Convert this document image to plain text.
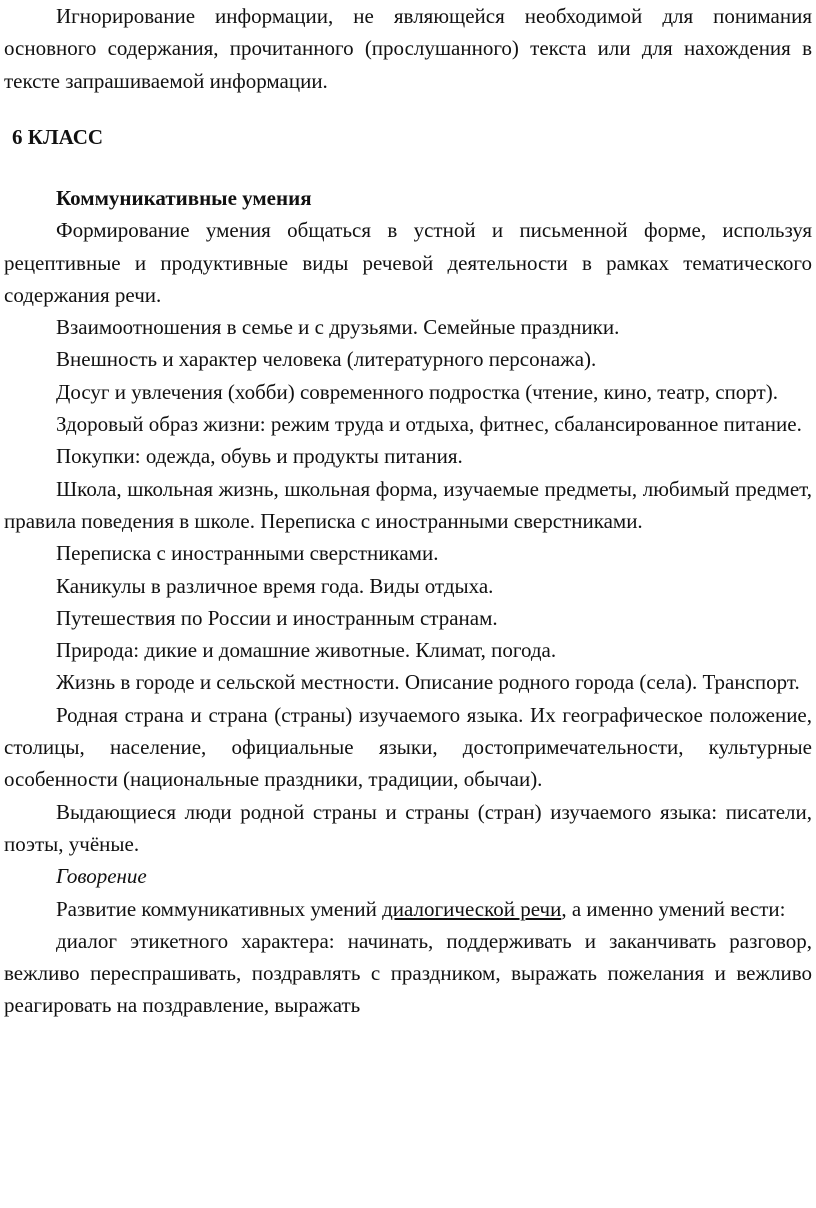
Игнорирование информации, не являющейся необходимой для понимания основного содержания, прочитанного (прослушанного) текста или для нахождения в тексте запрашиваемой информации.

6 КЛАСС

Коммуникативные умения

Формирование умения общаться в устной и письменной форме, используя рецептивные и продуктивные виды речевой деятельности в рамках тематического содержания речи.

Взаимоотношения в семье и с друзьями. Семейные праздники.

Внешность и характер человека (литературного персонажа).

Досуг и увлечения (хобби) современного подростка (чтение, кино, театр, спорт).

Здоровый образ жизни: режим труда и отдыха, фитнес, сбалансированное питание.

Покупки: одежда, обувь и продукты питания.

Школа, школьная жизнь, школьная форма, изучаемые предметы, любимый предмет, правила поведения в школе. Переписка с иностранными сверстниками.

Переписка с иностранными сверстниками.

Каникулы в различное время года. Виды отдыха.

Путешествия по России и иностранным странам.

Природа: дикие и домашние животные. Климат, погода.

Жизнь в городе и сельской местности. Описание родного города (села). Транспорт.

Родная страна и страна (страны) изучаемого языка. Их географическое положение, столицы, население, официальные языки, достопримечательности, культурные особенности (национальные праздники, традиции, обычаи).

Выдающиеся люди родной страны и страны (стран) изучаемого языка: писатели, поэты, учёные.

Говорение

Развитие коммуникативных умений диалогической речи, а именно умений вести:

диалог этикетного характера: начинать, поддерживать и заканчивать разговор, вежливо переспрашивать, поздравлять с праздником, выражать пожелания и вежливо реагировать на поздравление, выражать
